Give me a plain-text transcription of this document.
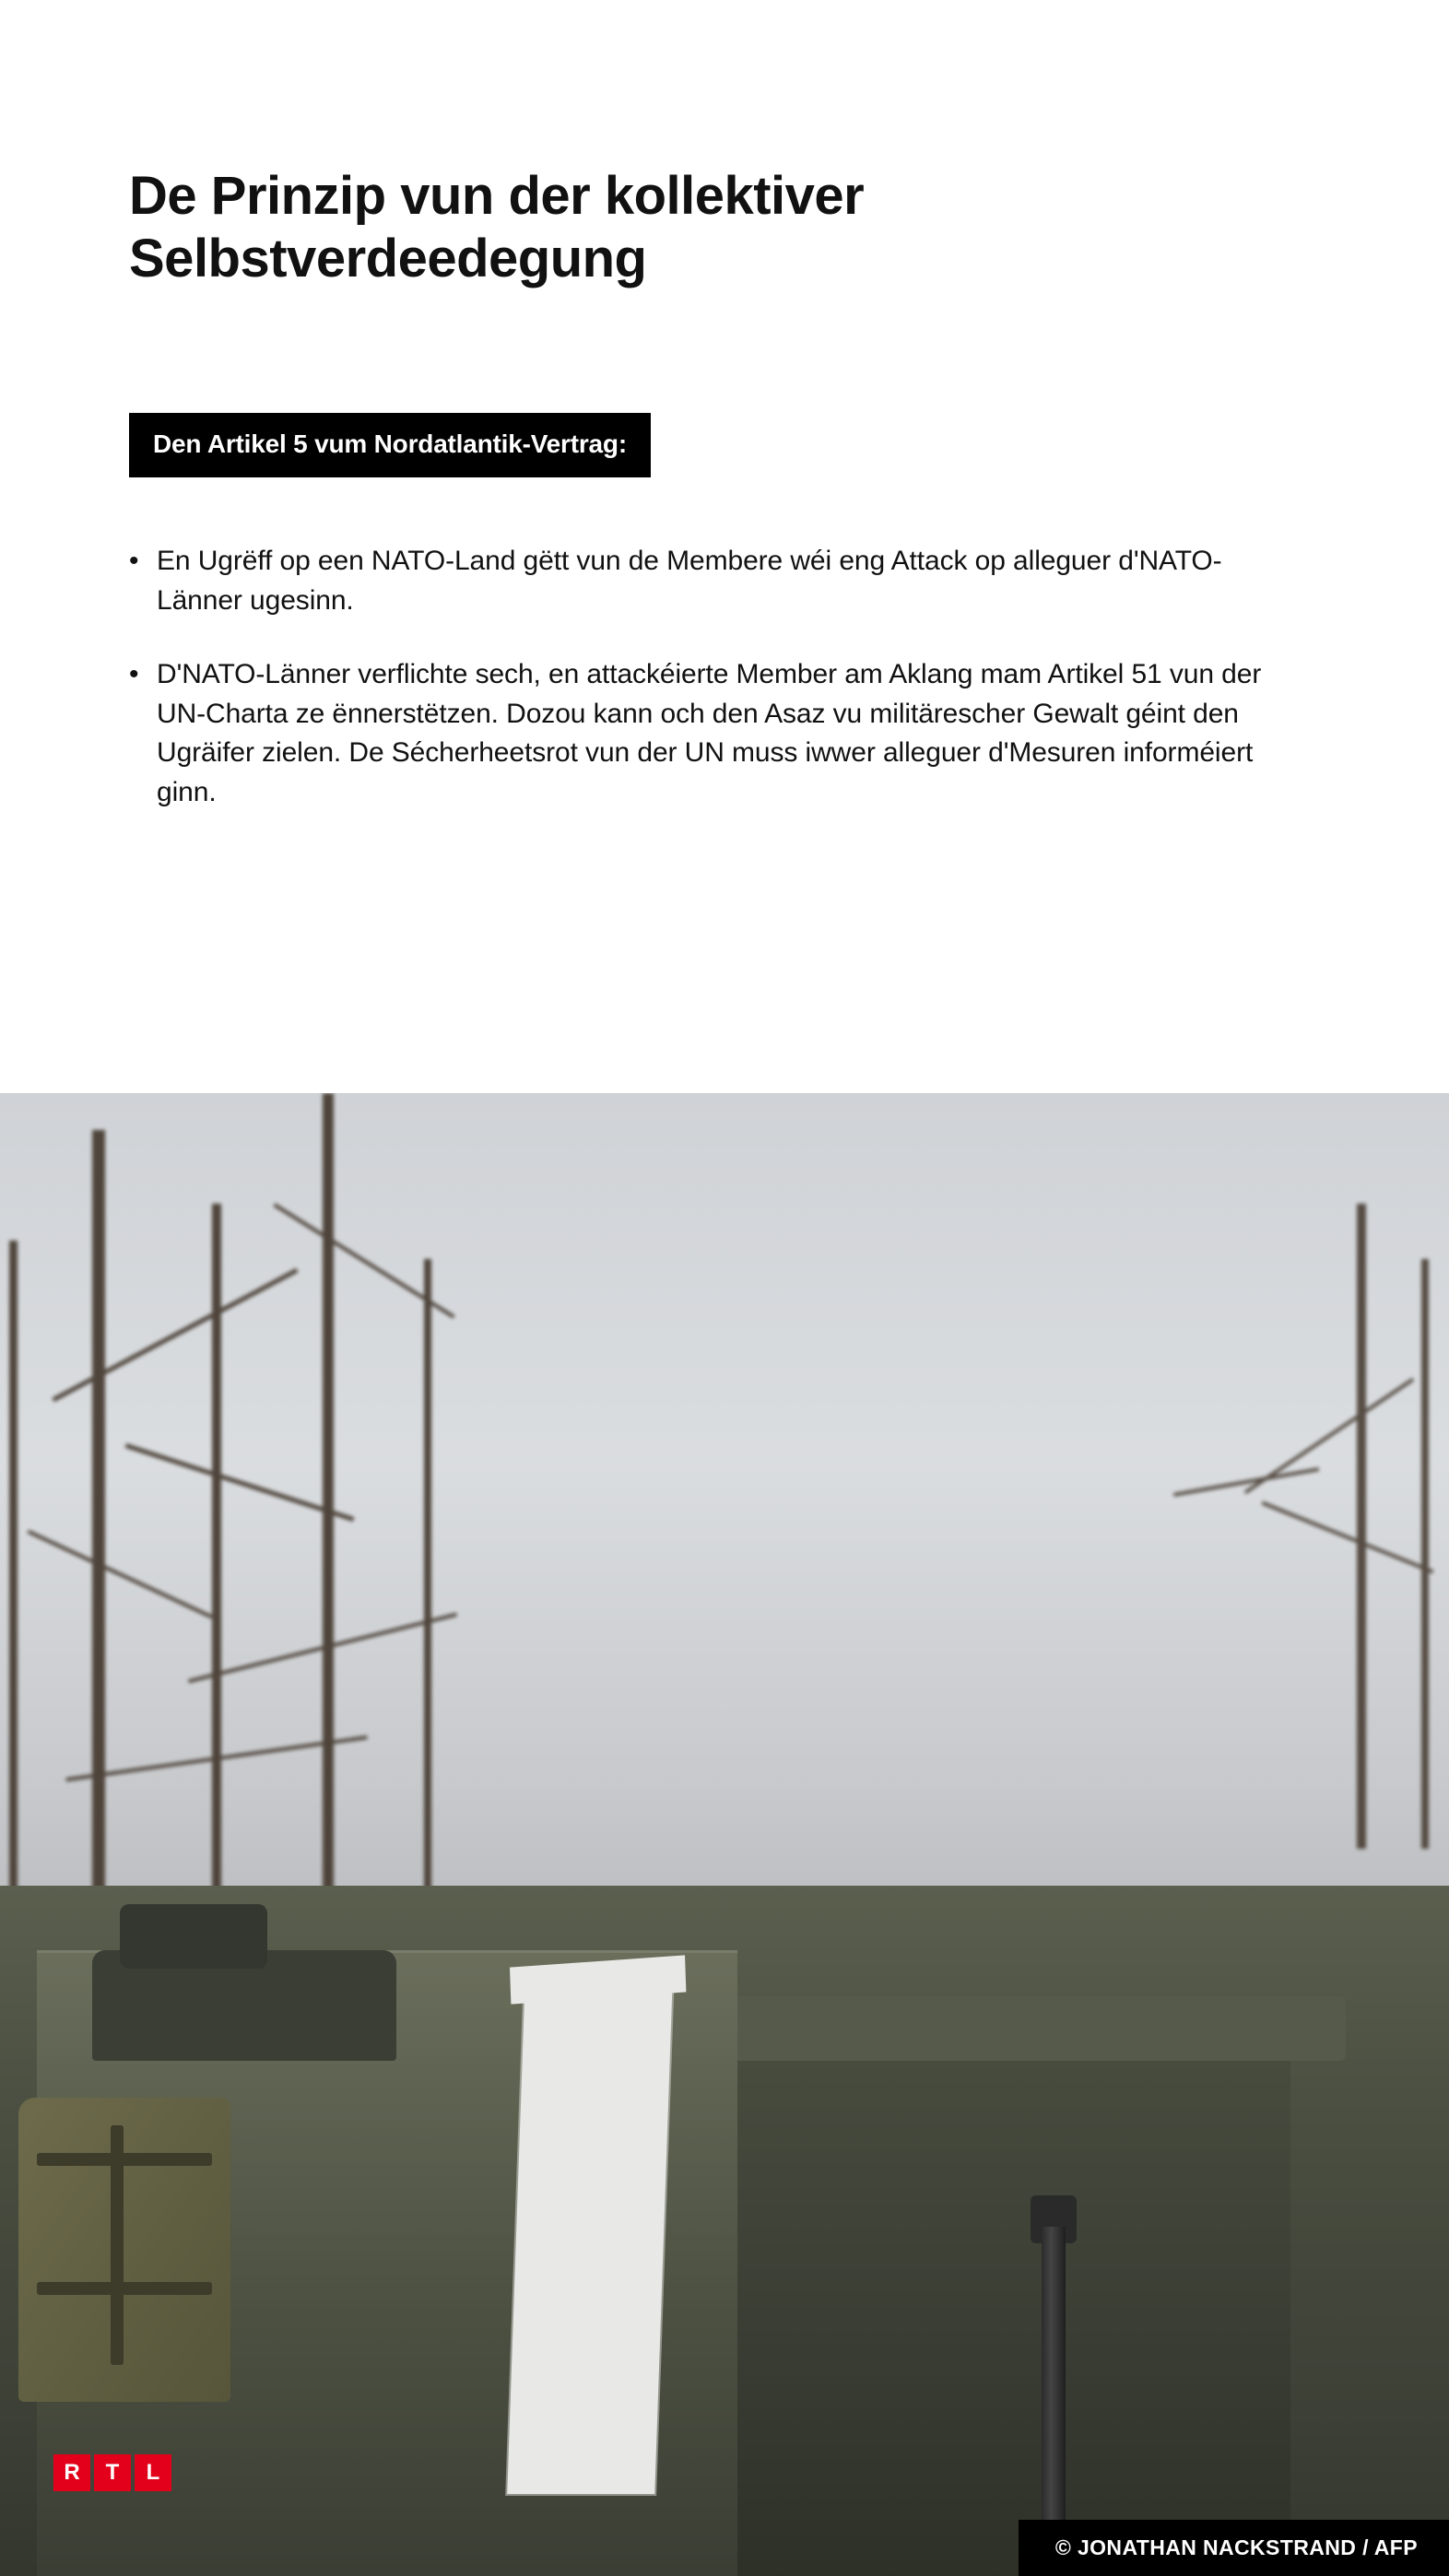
De Prinzip vun der kollektiver Selbstverdeedegung
Den Artikel 5 vum Nordatlantik-Vertrag:
• En Ugrëff op een NATO-Land gëtt vun de Membere wéi eng Attack op alleguer d'NATO-Länner ugesinn.
• D'NATO-Länner verflichte sech, en attackéierte Member am Aklang mam Artikel 51 vun der UN-Charta ze ënnerstëtzen. Dozou kann och den Asaz vu militärescher Gewalt géint den Ugräifer zielen. De Sécherheetsrot vun der UN muss iwwer alleguer d'Mesuren informéiert ginn.
R	T	L
© JONATHAN NACKSTRAND / AFP
